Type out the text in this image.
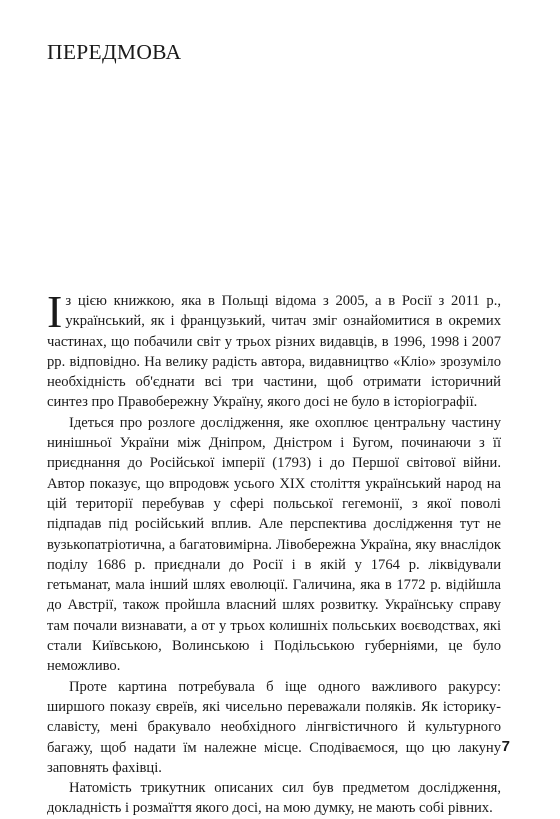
ПЕРЕДМОВА

Із цією книжкою, яка в Польщі відома з 2005, а в Росії з 2011 р., український, як і французький, читач зміг ознайомитися в окремих частинах, що побачили світ у трьох різних видавців, в 1996, 1998 і 2007 рр. відповідно. На велику радість автора, видавництво «Кліо» зрозуміло необхідність об'єднати всі три частини, щоб отримати історичний синтез про Правобережну Україну, якого досі не було в історіографії.

Ідеться про розлоге дослідження, яке охоплює центральну частину нинішньої України між Дніпром, Дністром і Бугом, починаючи з її приєднання до Російської імперії (1793) і до Першої світової війни. Автор показує, що впродовж усього XIX століття український народ на цій території перебував у сфері польської гегемонії, з якої поволі підпадав під російський вплив. Але перспектива дослідження тут не вузькопатріотична, а багатовимірна. Лівобережна Україна, яку внаслідок поділу 1686 р. приєднали до Росії і в якій у 1764 р. ліквідували гетьманат, мала інший шлях еволюції. Галичина, яка в 1772 р. відійшла до Австрії, також пройшла власний шлях розвитку. Українську справу там почали визнавати, а от у трьох колишніх польських воєводствах, які стали Київською, Волинською і Подільською губерніями, це було неможливо.

Проте картина потребувала б іще одного важливого ракурсу: ширшого показу євреїв, які чисельно переважали поляків. Як історику-славісту, мені бракувало необхідного лінгвістичного й культурного багажу, щоб надати їм належне місце. Сподіваємося, що цю лакуну заповнять фахівці.

Натомість трикутник описаних сил був предметом дослідження, докладність і розмаїття якого досі, на мою думку, не мають собі рівних.

7
